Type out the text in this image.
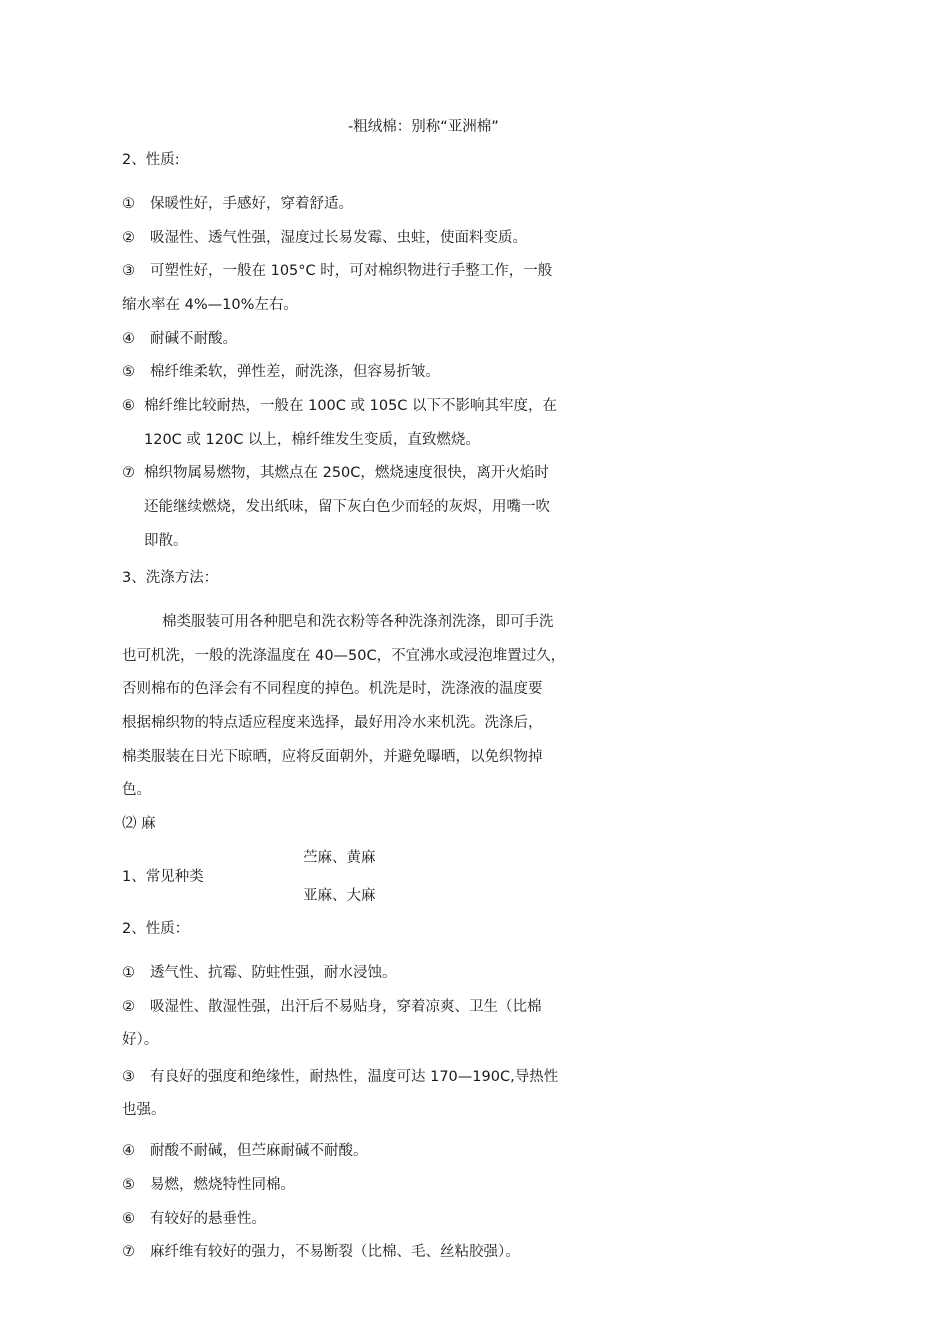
-粗绒棉：别称“亚洲棉”
2、性质:
① 保暖性好，手感好，穿着舒适。
② 吸湿性、透气性强，湿度过长易发霉、虫蛀，使面料变质。
③ 可塑性好，一般在 105°C 时，可对棉织物进行手整工作，一般
缩水率在 4%—10%左右。
④ 耐碱不耐酸。
⑤ 棉纤维柔软，弹性差，耐洗涤，但容易折皱。
⑥ 棉纤维比较耐热，一般在 100C 或 105C 以下不影响其牢度，在
120C 或 120C 以上，棉纤维发生变质，直致燃烧。
⑦ 棉织物属易燃物，其燃点在 250C，燃烧速度很快，离开火焰时
还能继续燃烧，发出纸味，留下灰白色少而轻的灰烬，用嘴一吹
即散。
3、洗涤方法：
棉类服装可用各种肥皂和洗衣粉等各种洗涤剂洗涤，即可手洗
也可机洗，一般的洗涤温度在 40—50C，不宜沸水或浸泡堆置过久，
否则棉布的色泽会有不同程度的掉色。机洗是时，洗涤液的温度要
根据棉织物的特点适应程度来选择，最好用冷水来机洗。洗涤后，
棉类服装在日光下晾晒，应将反面朝外，并避免曝晒，以免织物掉
色。
⑵ 麻
苎麻、黄麻
1、常见种类
亚麻、大麻
2、性质：
① 透气性、抗霉、防蛀性强，耐水浸蚀。
② 吸湿性、散湿性强，出汗后不易贴身，穿着凉爽、卫生（比棉
好）。
③ 有良好的强度和绝缘性，耐热性，温度可达 170—190C,导热性
也强。
④ 耐酸不耐碱，但苎麻耐碱不耐酸。
⑤ 易燃，燃烧特性同棉。
⑥ 有较好的悬垂性。
⑦ 麻纤维有较好的强力，不易断裂（比棉、毛、丝粘胶强）。
